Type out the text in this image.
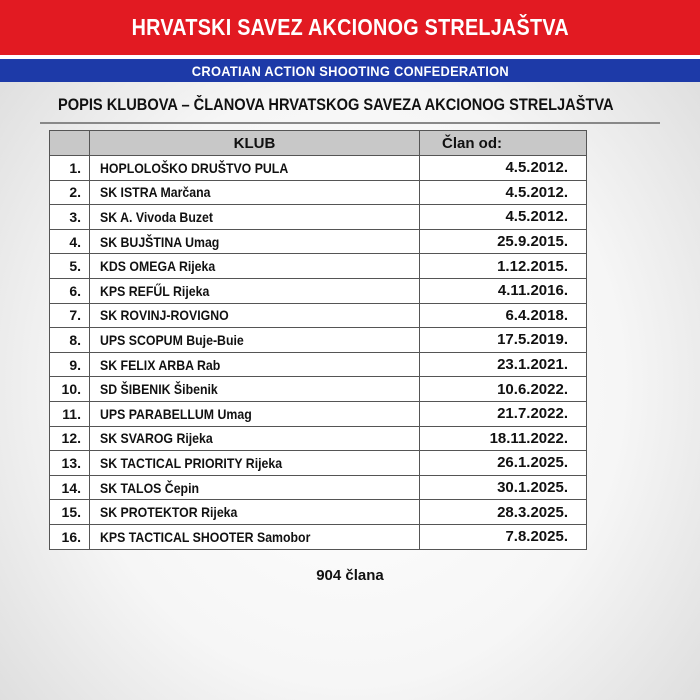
HRVATSKI SAVEZ AKCIONOG STRELJAŠTVA
CROATIAN ACTION SHOOTING CONFEDERATION
POPIS KLUBOVA – ČLANOVA HRVATSKOG SAVEZA AKCIONOG STRELJAŠTVA
	KLUB	Član od:
1.	HOPLOLOŠKO DRUŠTVO PULA	4.5.2012.
2.	SK ISTRA Marčana	4.5.2012.
3.	SK A. Vivoda Buzet	4.5.2012.
4.	SK BUJŠTINA Umag	25.9.2015.
5.	KDS OMEGA Rijeka	1.12.2015.
6.	KPS REFŰL Rijeka	4.11.2016.
7.	SK ROVINJ-ROVIGNO	6.4.2018.
8.	UPS SCOPUM Buje-Buie	17.5.2019.
9.	SK FELIX ARBA Rab	23.1.2021.
10.	SD ŠIBENIK Šibenik	10.6.2022.
11.	UPS PARABELLUM Umag	21.7.2022.
12.	SK SVAROG Rijeka	18.11.2022.
13.	SK TACTICAL PRIORITY Rijeka	26.1.2025.
14.	SK TALOS Čepin	30.1.2025.
15.	SK PROTEKTOR Rijeka	28.3.2025.
16.	KPS TACTICAL SHOOTER Samobor	7.8.2025.
904 člana
